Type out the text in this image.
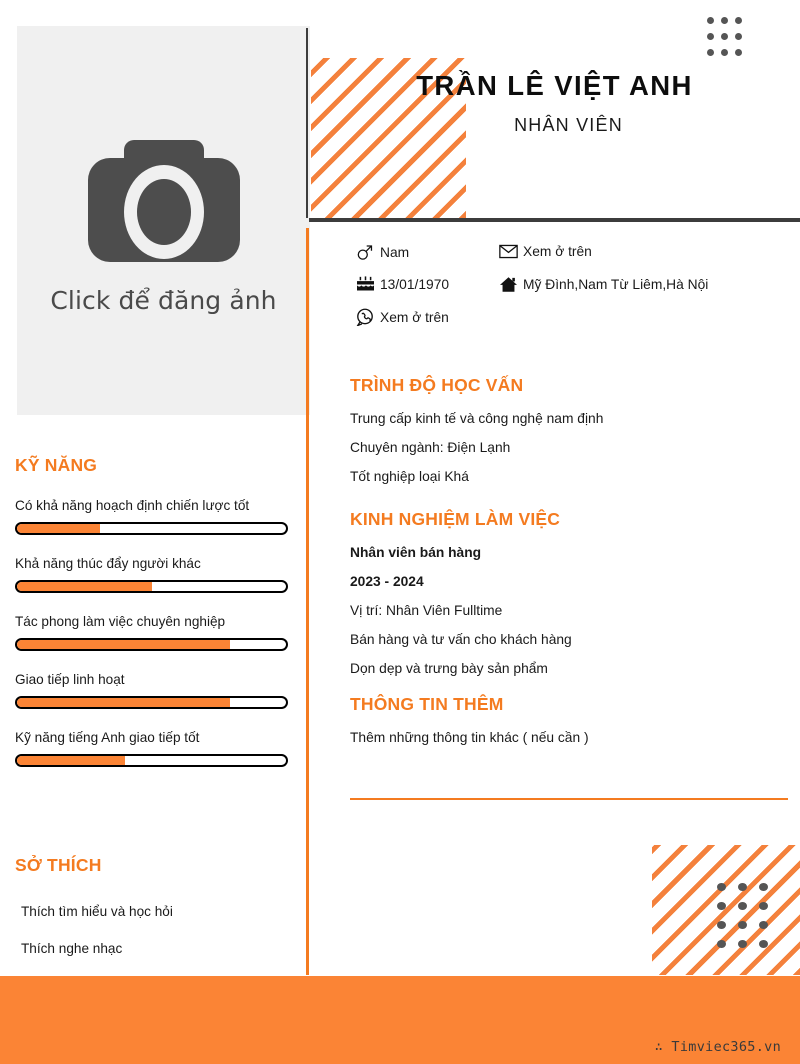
Click để đăng ảnh
KỸ NĂNG
Có khả năng hoạch định chiến lược tốt
Khả năng thúc đẩy người khác
Tác phong làm việc chuyên nghiệp
Giao tiếp linh hoạt
Kỹ năng tiếng Anh giao tiếp tốt
SỞ THÍCH
Thích tìm hiểu và học hỏi
Thích nghe nhạc
TRẦN LÊ VIỆT ANH
NHÂN VIÊN
Nam	Xem ở trên
13/01/1970	Mỹ Đình,Nam Từ Liêm,Hà Nội
Xem ở trên
TRÌNH ĐỘ HỌC VẤN
Trung cấp kinh tế và công nghệ nam định
Chuyên ngành: Điện Lạnh
Tốt nghiệp loại Khá
KINH NGHIỆM LÀM VIỆC
Nhân viên bán hàng
2023 - 2024
Vị trí: Nhân Viên Fulltime
Bán hàng và tư vấn cho khách hàng
Dọn dẹp và trưng bày sản phẩm
THÔNG TIN THÊM
Thêm những thông tin khác ( nếu cần )
∴ Timviec365.vn
